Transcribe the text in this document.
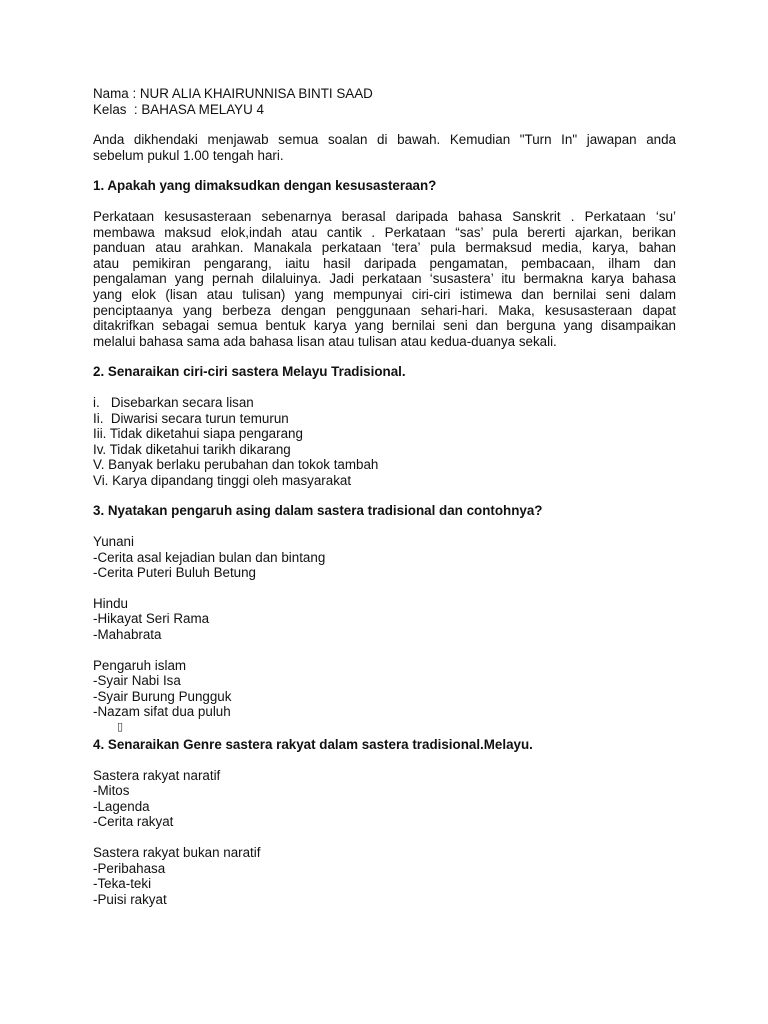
Nama : NUR ALIA KHAIRUNNISA BINTI SAAD
Kelas  : BAHASA MELAYU 4
Anda dikhendaki menjawab semua soalan di bawah. Kemudian "Turn In" jawapan anda
sebelum pukul 1.00 tengah hari.
1. Apakah yang dimaksudkan dengan kesusasteraan?
Perkataan kesusasteraan sebenarnya berasal daripada bahasa Sanskrit . Perkataan ‘su’
membawa maksud elok,indah atau cantik . Perkataan “sas’ pula bererti ajarkan, berikan
panduan atau arahkan. Manakala perkataan ‘tera’ pula bermaksud media, karya, bahan
atau pemikiran pengarang, iaitu hasil daripada pengamatan, pembacaan, ilham dan
pengalaman yang pernah dilaluinya. Jadi perkataan ‘susastera’ itu bermakna karya bahasa
yang elok (lisan atau tulisan) yang mempunyai ciri-ciri istimewa dan bernilai seni dalam
penciptaanya yang berbeza dengan penggunaan sehari-hari. Maka, kesusasteraan dapat
ditakrifkan sebagai semua bentuk karya yang bernilai seni dan berguna yang disampaikan
melalui bahasa sama ada bahasa lisan atau tulisan atau kedua-duanya sekali.
2. Senaraikan ciri-ciri sastera Melayu Tradisional.
i.   Disebarkan secara lisan
Ii.  Diwarisi secara turun temurun
Iii. Tidak diketahui siapa pengarang
Iv. Tidak diketahui tarikh dikarang
V. Banyak berlaku perubahan dan tokok tambah
Vi. Karya dipandang tinggi oleh masyarakat
3. Nyatakan pengaruh asing dalam sastera tradisional dan contohnya?
Yunani
-Cerita asal kejadian bulan dan bintang
-Cerita Puteri Buluh Betung
Hindu
-Hikayat Seri Rama
-Mahabrata
Pengaruh islam
-Syair Nabi Isa
-Syair Burung Pungguk
-Nazam sifat dua puluh
▯
4. Senaraikan Genre sastera rakyat dalam sastera tradisional.Melayu.
Sastera rakyat naratif
-Mitos
-Lagenda
-Cerita rakyat
Sastera rakyat bukan naratif
-Peribahasa
-Teka-teki
-Puisi rakyat
